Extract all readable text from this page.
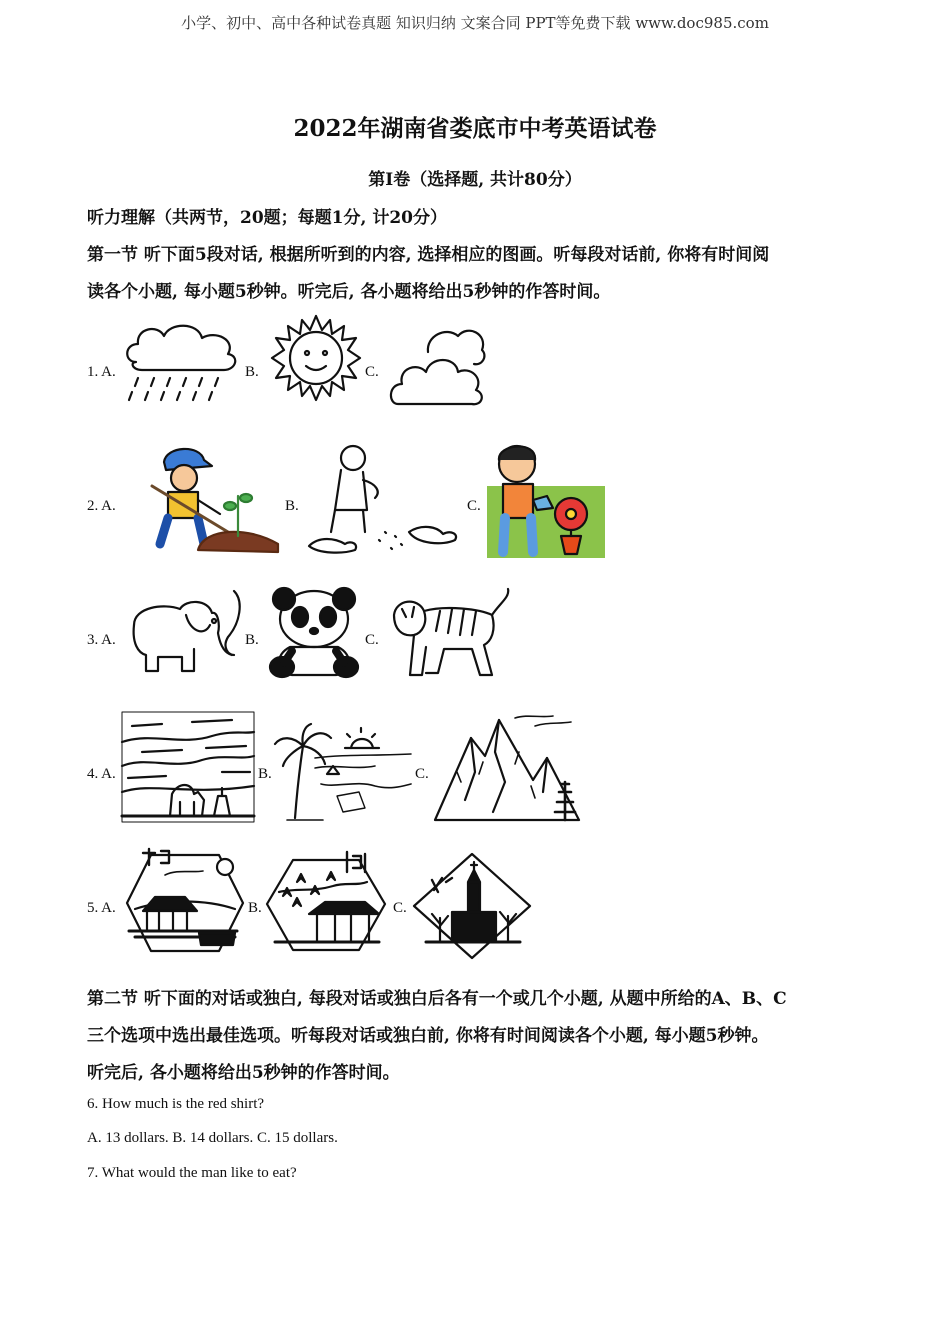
小学、初中、高中各种试卷真题 知识归纳 文案合同 PPT等免费下载 www.doc985.com
2022年湖南省娄底市中考英语试卷
第I卷（选择题, 共计80分）
听力理解（共两节，20题；每题1分, 计20分）
第一节 听下面5段对话, 根据所听到的内容, 选择相应的图画。听每段对话前, 你将有时间阅
读各个小题, 每小题5秒钟。听完后, 各小题将给出5秒钟的作答时间。
1. A.	B.	C.
2. A.	B.	C.
3. A.	B.	C.
4. A.	B.	C.
5. A.	B.	C.
第二节 听下面的对话或独白, 每段对话或独白后各有一个或几个小题, 从题中所给的A、B、C
三个选项中选出最佳选项。听每段对话或独白前, 你将有时间阅读各个小题, 每小题5秒钟。
听完后, 各小题将给出5秒钟的作答时间。
6. How much is the red shirt?
A. 13 dollars. B. 14 dollars. C. 15 dollars.
7. What would the man like to eat?
